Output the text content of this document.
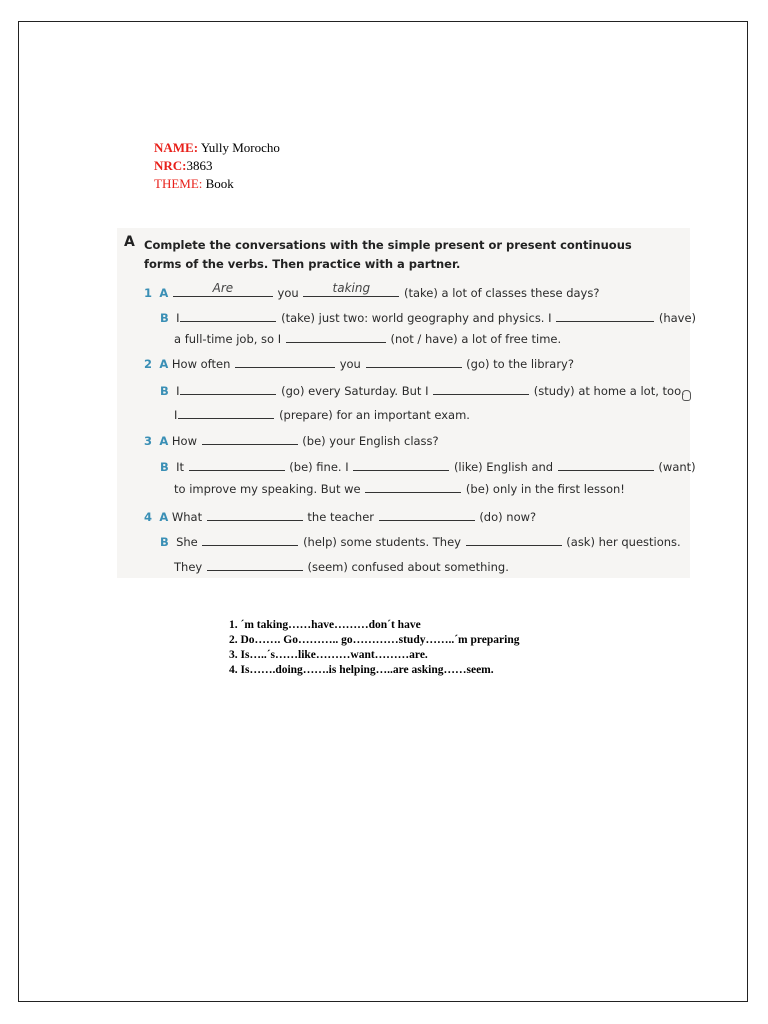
NAME: Yully Morocho
NRC:3863
THEME: Book
A Complete the conversations with the simple present or present continuous
forms of the verbs. Then practice with a partner.
1 A	Are	you	taking	(take) a lot of classes these days?
B I	(take) just two: world geography and physics. I	(have)
a full-time job, so I	(not / have) a lot of free time.
2 A How often	you	(go) to the library?
B I	(go) every Saturday. But I	(study) at home a lot, too.
I	(prepare) for an important exam.
3 A How	(be) your English class?
B It	(be) fine. I	(like) English and	(want)
to improve my speaking. But we	(be) only in the first lesson!
4 A What	the teacher	(do) now?
B She	(help) some students. They	(ask) her questions.
They	(seem) confused about something.
1. ´m taking……have………don´t have
2. Do……. Go……….. go…………study……..´m preparing
3. Is…..´s……like………want………are.
4. Is…….doing…….is helping…..are asking……seem.
